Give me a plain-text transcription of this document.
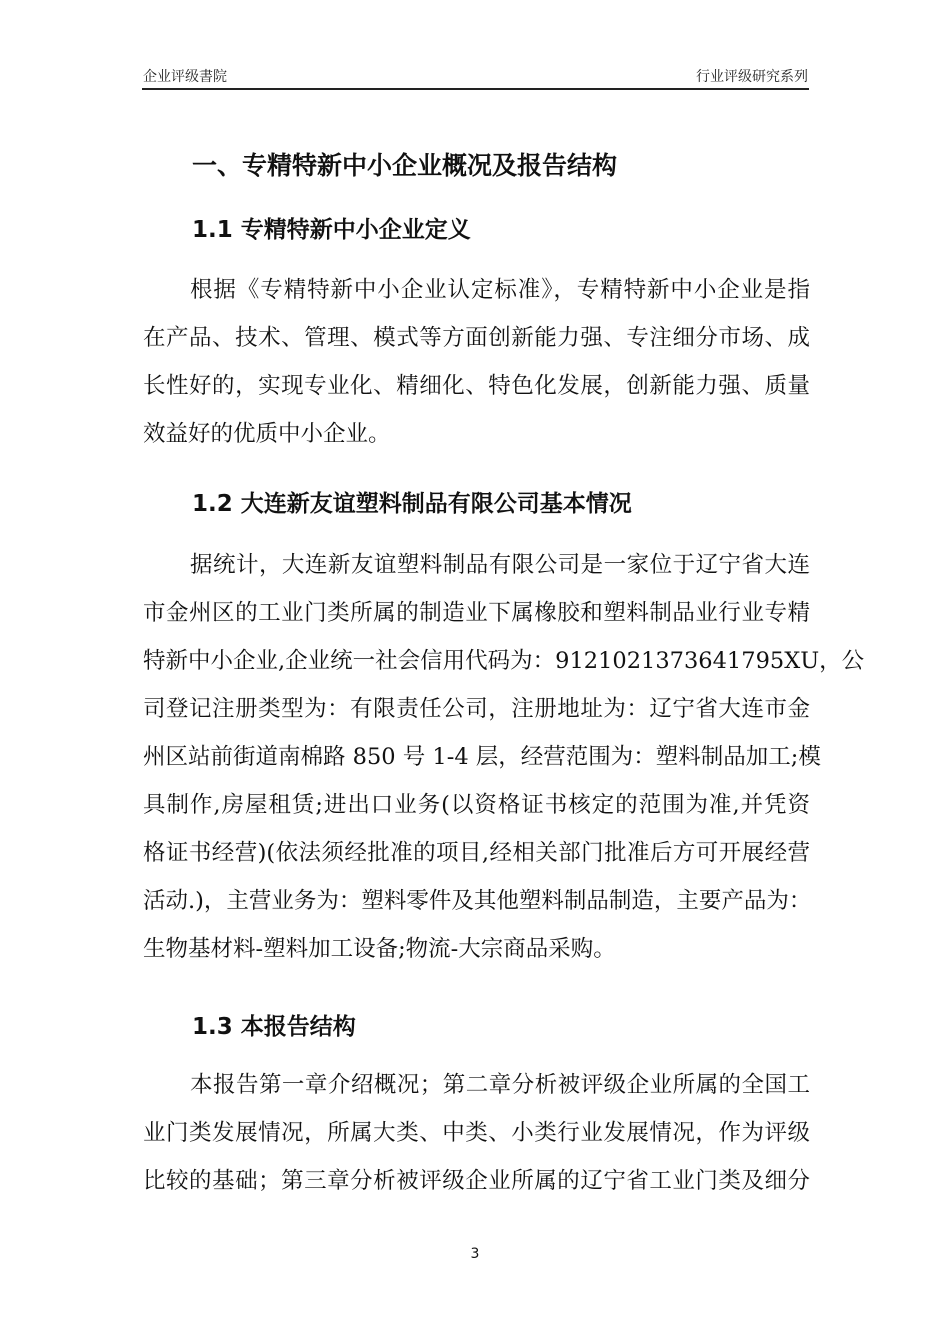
企业评级書院	行业评级研究系列
一、专精特新中小企业概况及报告结构
1.1 专精特新中小企业定义
根据《专精特新中小企业认定标准》，专精特新中小企业是指
在产品、技术、管理、模式等方面创新能力强、专注细分市场、成
长性好的，实现专业化、精细化、特色化发展，创新能力强、质量
效益好的优质中小企业。
1.2 大连新友谊塑料制品有限公司基本情况
据统计，大连新友谊塑料制品有限公司是一家位于辽宁省大连
市金州区的工业门类所属的制造业下属橡胶和塑料制品业行业专精
特新中小企业,企业统一社会信用代码为：9121021373641795XU，公
司登记注册类型为：有限责任公司，注册地址为：辽宁省大连市金
州区站前街道南棉路 850 号 1-4 层，经营范围为：塑料制品加工;模
具制作,房屋租赁;进出口业务(以资格证书核定的范围为准,并凭资
格证书经营)(依法须经批准的项目,经相关部门批准后方可开展经营
活动.)，主营业务为：塑料零件及其他塑料制品制造，主要产品为：
生物基材料-塑料加工设备;物流-大宗商品采购。
1.3 本报告结构
本报告第一章介绍概况；第二章分析被评级企业所属的全国工
业门类发展情况，所属大类、中类、小类行业发展情况，作为评级
比较的基础；第三章分析被评级企业所属的辽宁省工业门类及细分
3
